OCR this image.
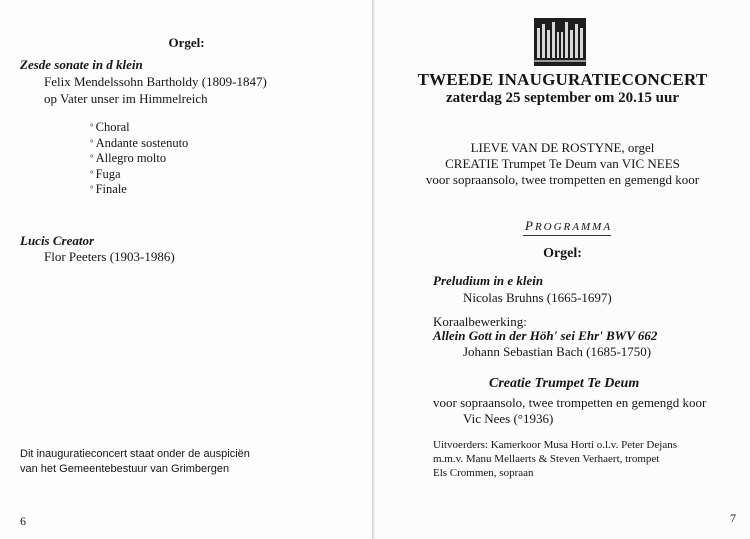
Orgel:
Zesde sonate in d klein
Felix Mendelssohn Bartholdy (1809-1847)
op Vater unser im Himmelreich
° Choral
° Andante sostenuto
° Allegro molto
° Fuga
° Finale
Lucis Creator
Flor Peeters (1903-1986)
Dit inauguratieconcert staat onder de auspiciën
van het Gemeentebestuur van Grimbergen
6
TWEEDE INAUGURATIECONCERT
zaterdag 25 september om 20.15 uur
LIEVE VAN DE ROSTYNE, orgel
CREATIE Trumpet Te Deum van VIC NEES
voor sopraansolo, twee trompetten en gemengd koor
PROGRAMMA
Orgel:
Preludium in e klein
Nicolas Bruhns (1665-1697)
Koraalbewerking:
Allein Gott in der Höh' sei Ehr' BWV 662
Johann Sebastian Bach (1685-1750)
Creatie Trumpet Te Deum
voor sopraansolo, twee trompetten en gemengd koor
Vic Nees (°1936)
Uitvoerders: Kamerkoor Musa Horti o.l.v. Peter Dejans
m.m.v. Manu Mellaerts & Steven Verhaert, trompet
Els Crommen, sopraan
7
